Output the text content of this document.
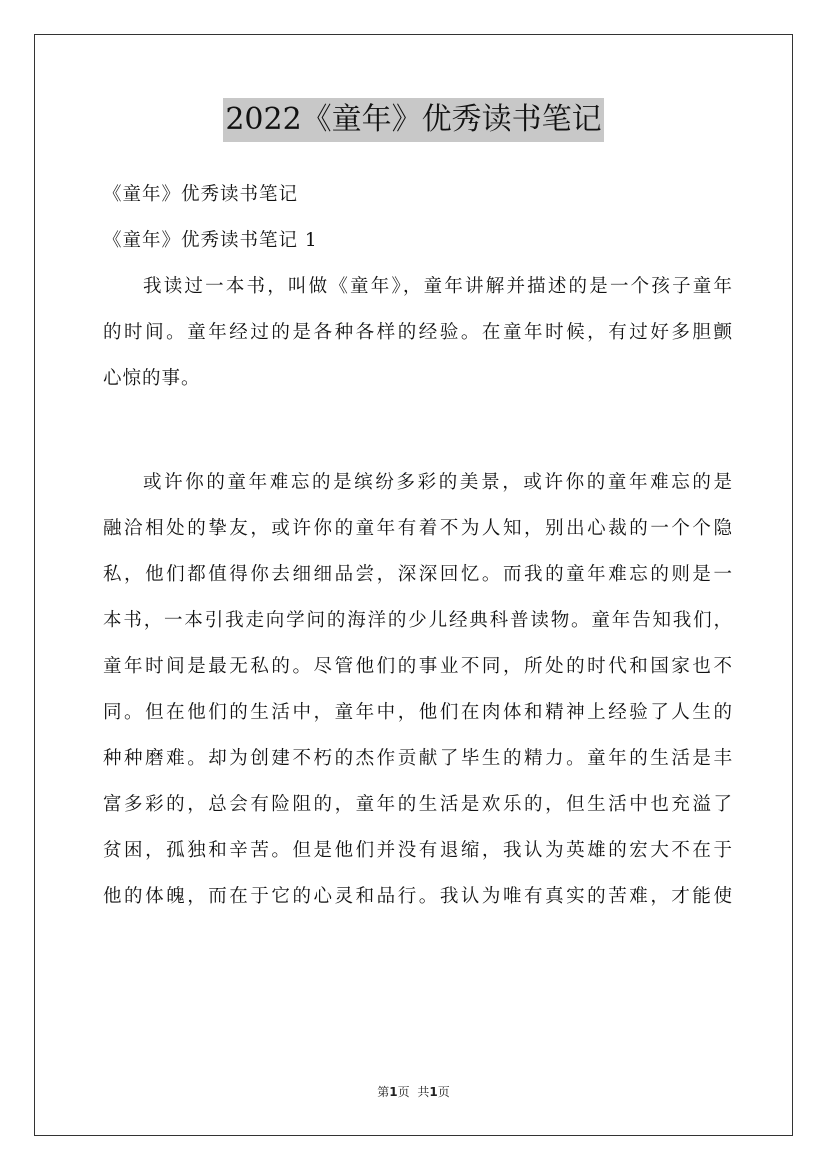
2022《童年》优秀读书笔记
《童年》优秀读书笔记
《童年》优秀读书笔记 1
我读过一本书，叫做《童年》，童年讲解并描述的是一个孩子童年
的时间。童年经过的是各种各样的经验。在童年时候，有过好多胆颤
心惊的事。
或许你的童年难忘的是缤纷多彩的美景，或许你的童年难忘的是
融洽相处的挚友，或许你的童年有着不为人知，别出心裁的一个个隐
私，他们都值得你去细细品尝，深深回忆。而我的童年难忘的则是一
本书，一本引我走向学问的海洋的少儿经典科普读物。童年告知我们，
童年时间是最无私的。尽管他们的事业不同，所处的时代和国家也不
同。但在他们的生活中，童年中，他们在肉体和精神上经验了人生的
种种磨难。却为创建不朽的杰作贡献了毕生的精力。童年的生活是丰
富多彩的，总会有险阻的，童年的生活是欢乐的，但生活中也充溢了
贫困，孤独和辛苦。但是他们并没有退缩，我认为英雄的宏大不在于
他的体魄，而在于它的心灵和品行。我认为唯有真实的苦难，才能使
第1页 共1页
